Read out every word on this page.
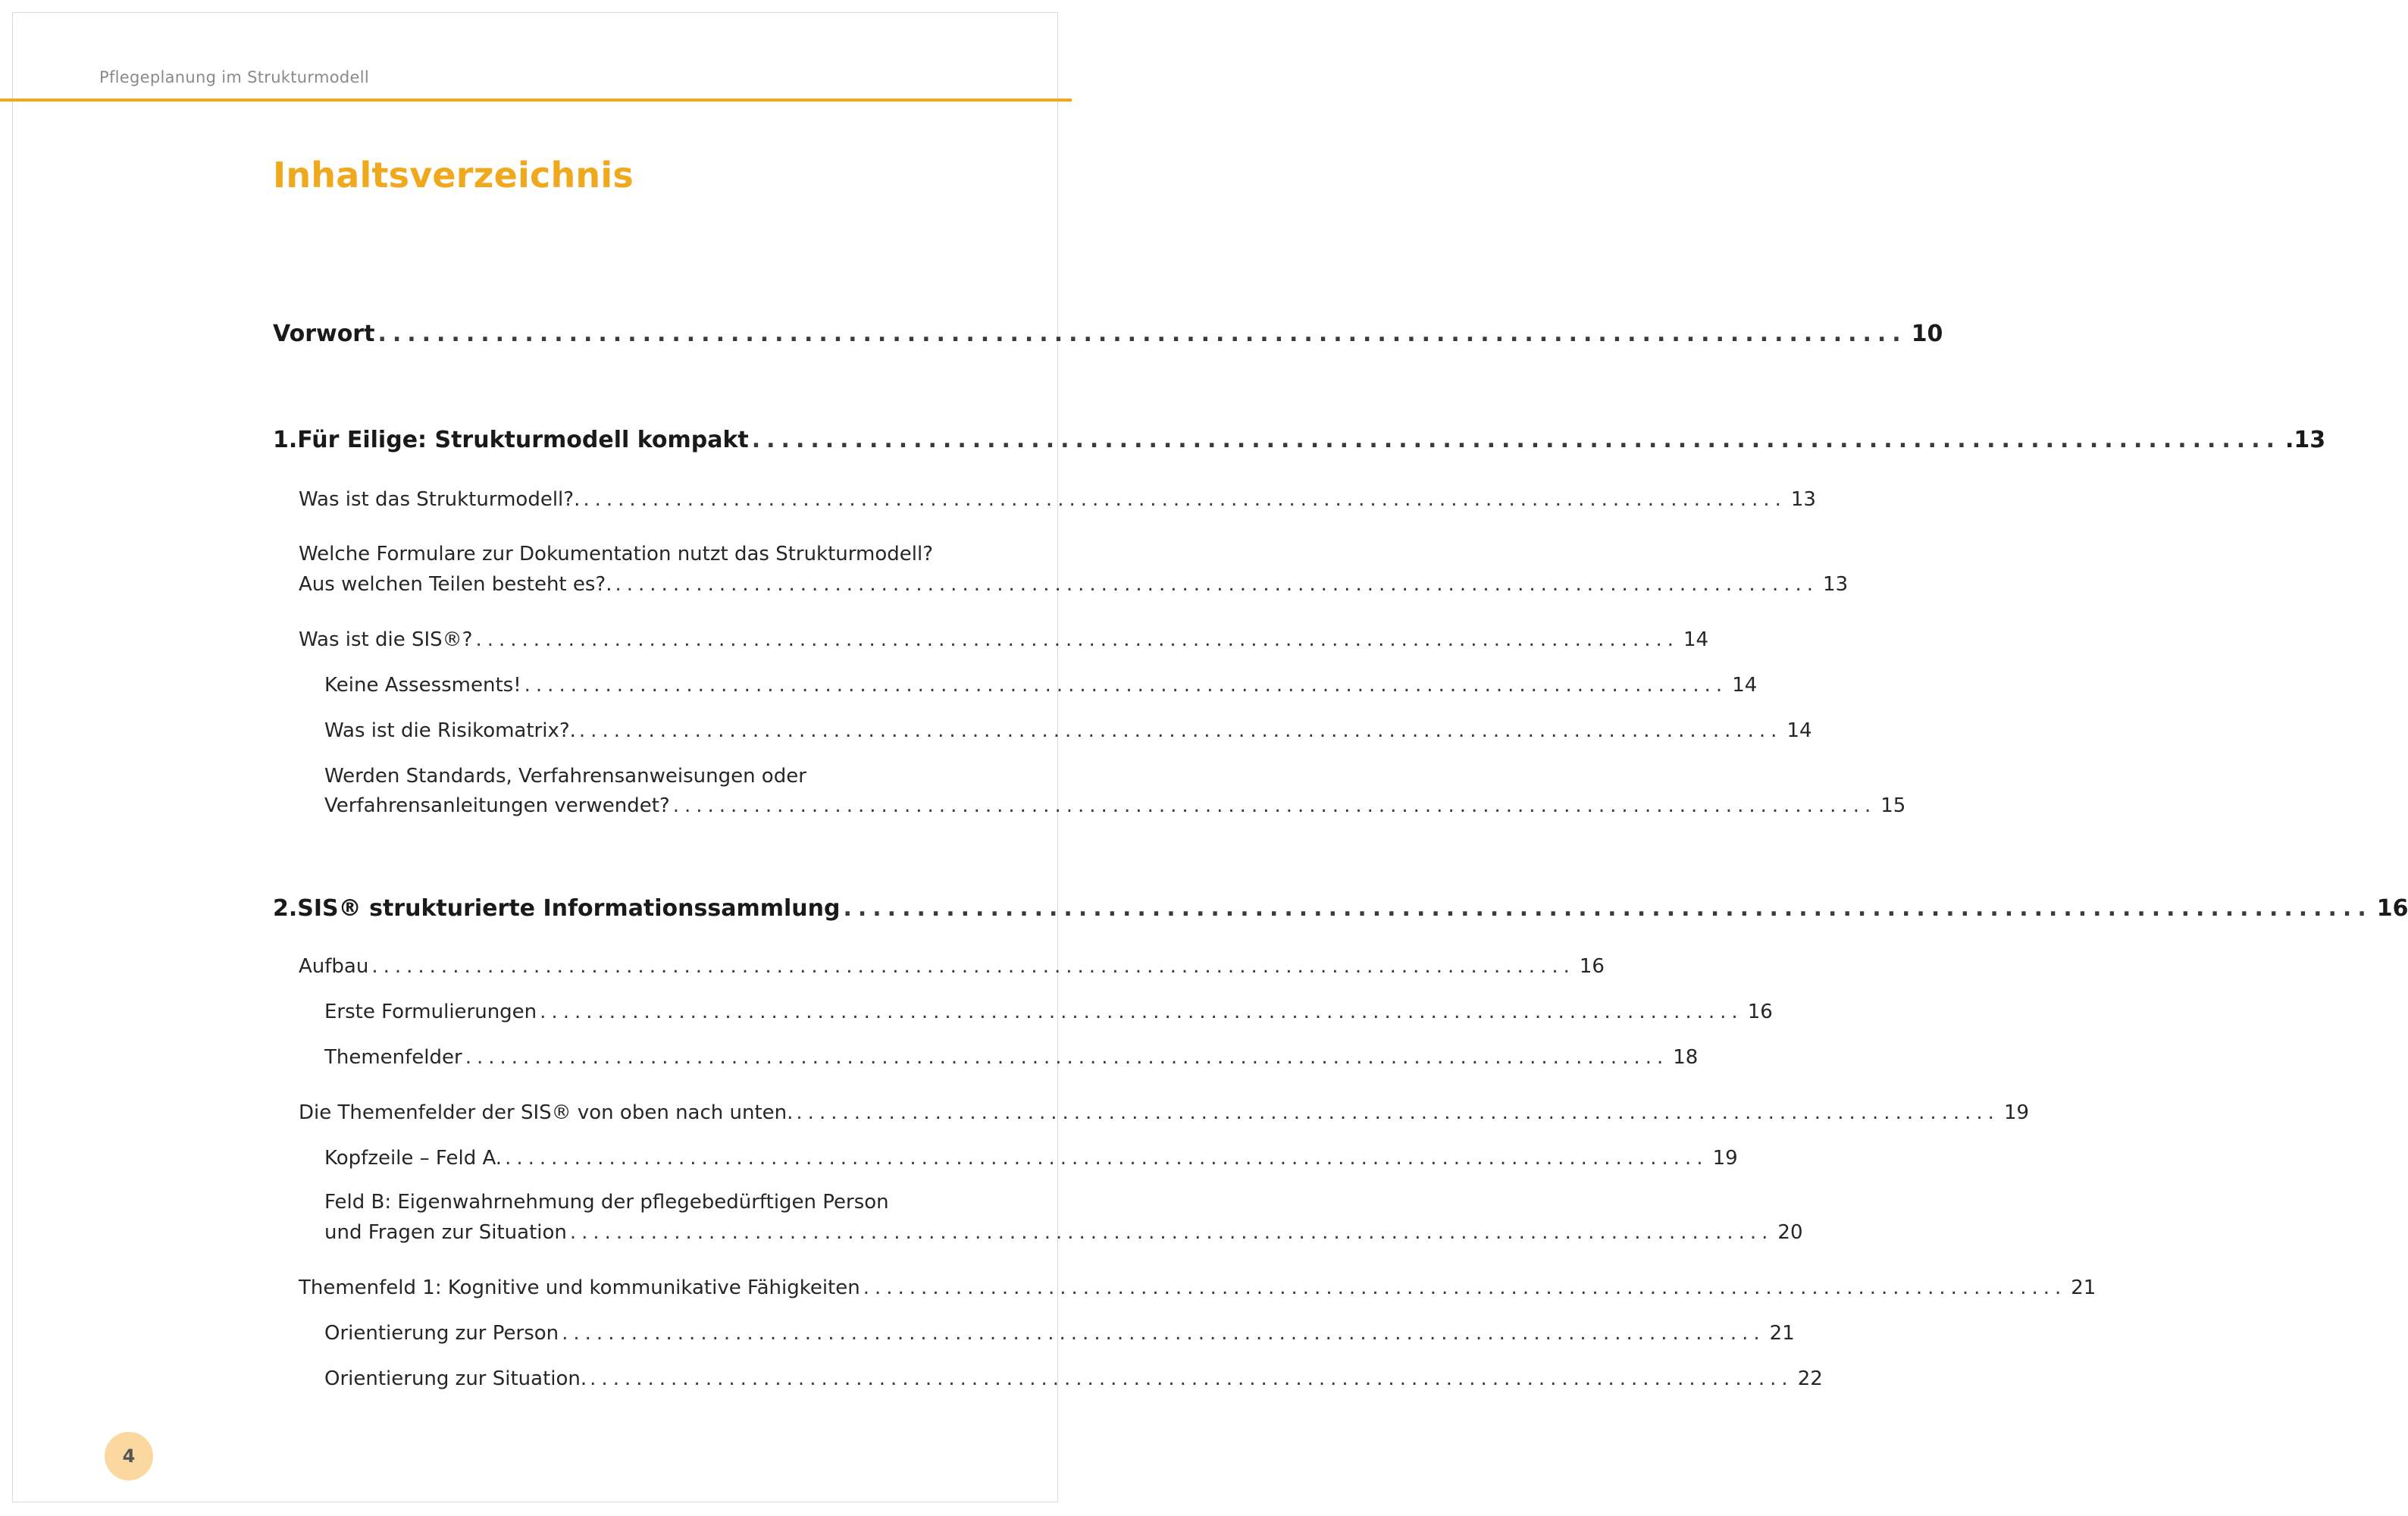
Pflegeplanung im Strukturmodell
Inhaltsverzeichnis
Vorwort ........................................................................................................ 10
1. Für Eilige: Strukturmodell kompakt ........................................................................................................ .13
Was ist das Strukturmodell?. ........................................................................................................ 13
Welche Formulare zur Dokumentation nutzt das Strukturmodell?
Aus welchen Teilen besteht es?. ........................................................................................................ 13
Was ist die SIS®? ........................................................................................................ 14
Keine Assessments! ........................................................................................................ 14
Was ist die Risikomatrix?. ........................................................................................................ 14
Werden Standards, Verfahrensanweisungen oder
Verfahrensanleitungen verwendet? ........................................................................................................ 15
2. SIS® strukturierte Informationssammlung ........................................................................................................ 16
Aufbau ........................................................................................................ 16
Erste Formulierungen ........................................................................................................ 16
Themenfelder ........................................................................................................ 18
Die Themenfelder der SIS® von oben nach unten. ........................................................................................................ 19
Kopfzeile – Feld A. ........................................................................................................ 19
Feld B: Eigenwahrnehmung der pflegebedürftigen Person
und Fragen zur Situation ........................................................................................................ 20
Themenfeld 1: Kognitive und kommunikative Fähigkeiten ........................................................................................................ 21
Orientierung zur Person ........................................................................................................ 21
Orientierung zur Situation. ........................................................................................................ 22
4
